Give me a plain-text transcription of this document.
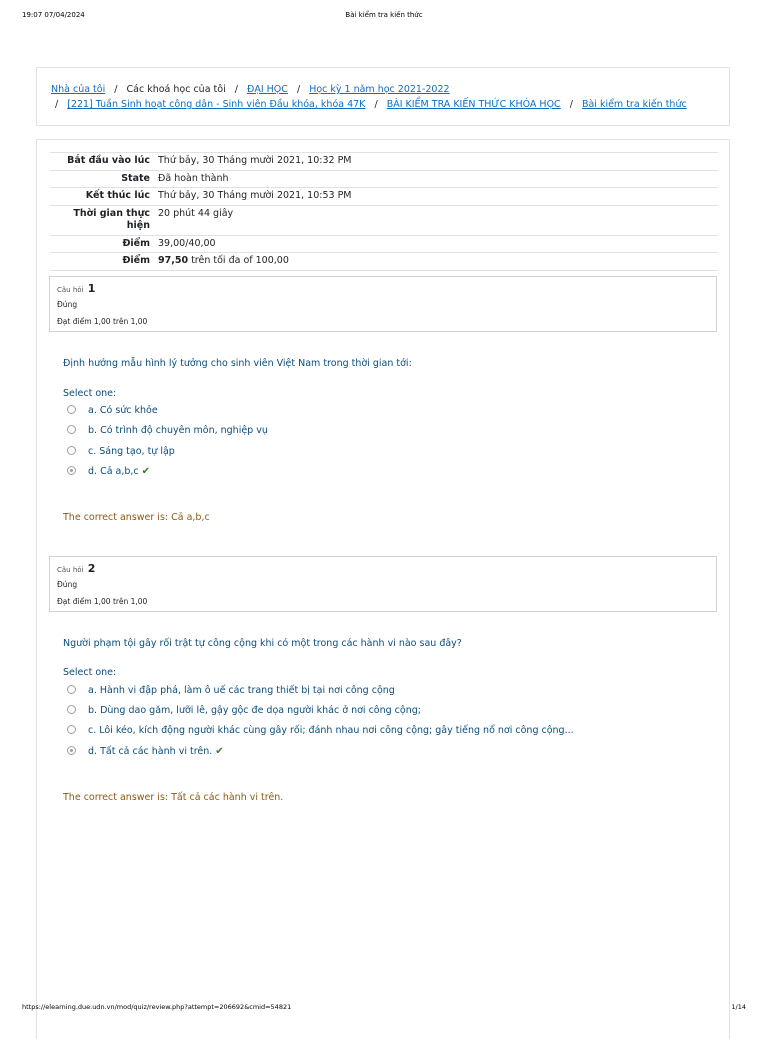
19:07 07/04/2024	Bài kiểm tra kiến thức
Nhà của tôi / Các khoá học của tôi / ĐẠI HỌC / Học kỳ 1 năm học 2021-2022
/ [221] Tuần Sinh hoạt công dân - Sinh viên Đầu khóa, khóa 47K / BÀI KIỂM TRA KIẾN THỨC KHÓA HỌC / Bài kiểm tra kiến thức
Bắt đầu vào lúc	Thứ bảy, 30 Tháng mười 2021, 10:32 PM
State	Đã hoàn thành
Kết thúc lúc	Thứ bảy, 30 Tháng mười 2021, 10:53 PM
Thời gian thực hiện	20 phút 44 giây
Điểm	39,00/40,00
Điểm	97,50 trên tối đa of 100,00
Câu hỏi 1
Đúng
Đạt điểm 1,00 trên 1,00
Định hướng mẫu hình lý tưởng cho sinh viên Việt Nam trong thời gian tới:
Select one:
a. Có sức khỏe
b. Có trình độ chuyên môn, nghiệp vụ
c. Sáng tạo, tự lập
d. Cả a,b,c ✔
The correct answer is: Cả a,b,c
Câu hỏi 2
Đúng
Đạt điểm 1,00 trên 1,00
Người phạm tội gây rối trật tự công cộng khi có một trong các hành vi nào sau đây?
Select one:
a. Hành vi đập phá, làm ô uế các trang thiết bị tại nơi công cộng
b. Dùng dao găm, lưỡi lê, gậy gộc đe dọa người khác ở nơi công cộng;
c. Lôi kéo, kích động người khác cùng gây rối; đánh nhau nơi công cộng; gây tiếng nổ nơi công cộng...
d. Tất cả các hành vi trên. ✔
The correct answer is: Tất cả các hành vi trên.
https://elearning.due.udn.vn/mod/quiz/review.php?attempt=206692&cmid=54821	1/14
